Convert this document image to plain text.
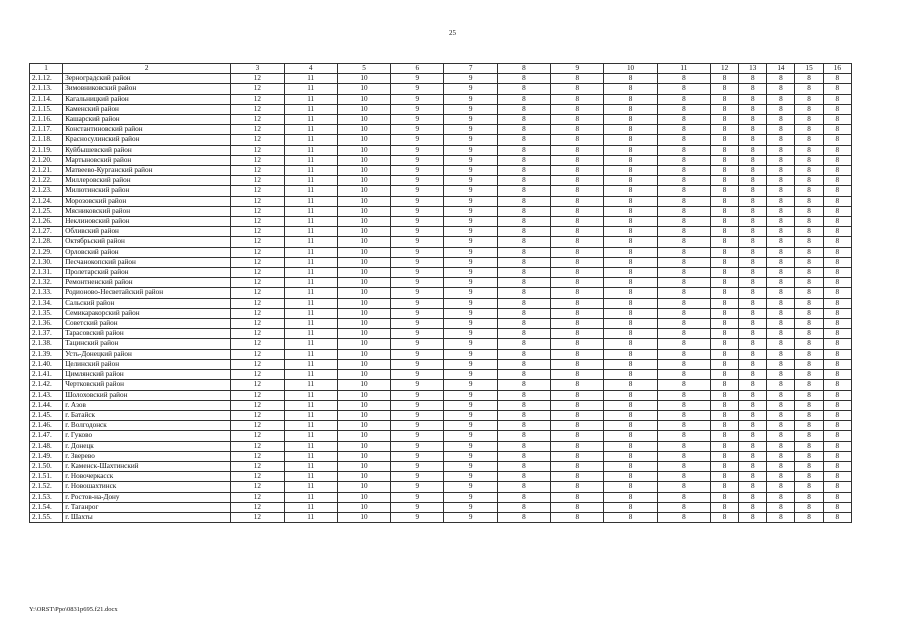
25
1	2	3	4	5	6	7	8	9	10	11	12	13	14	15	16
2.1.12.	Зерноградский район	12	11	10	9	9	8	8	8	8	8	8	8	8	8
2.1.13.	Зимовниковский район	12	11	10	9	9	8	8	8	8	8	8	8	8	8
2.1.14.	Кагальницкий район	12	11	10	9	9	8	8	8	8	8	8	8	8	8
2.1.15.	Каменский район	12	11	10	9	9	8	8	8	8	8	8	8	8	8
2.1.16.	Кашарский район	12	11	10	9	9	8	8	8	8	8	8	8	8	8
2.1.17.	Константиновский район	12	11	10	9	9	8	8	8	8	8	8	8	8	8
2.1.18.	Красносулинский район	12	11	10	9	9	8	8	8	8	8	8	8	8	8
2.1.19.	Куйбышевский район	12	11	10	9	9	8	8	8	8	8	8	8	8	8
2.1.20.	Мартыновский район	12	11	10	9	9	8	8	8	8	8	8	8	8	8
2.1.21.	Матвеево-Курганский район	12	11	10	9	9	8	8	8	8	8	8	8	8	8
2.1.22.	Миллеровский район	12	11	10	9	9	8	8	8	8	8	8	8	8	8
2.1.23.	Милютинский район	12	11	10	9	9	8	8	8	8	8	8	8	8	8
2.1.24.	Морозовский район	12	11	10	9	9	8	8	8	8	8	8	8	8	8
2.1.25.	Мясниковский район	12	11	10	9	9	8	8	8	8	8	8	8	8	8
2.1.26.	Неклиновский район	12	11	10	9	9	8	8	8	8	8	8	8	8	8
2.1.27.	Обливский район	12	11	10	9	9	8	8	8	8	8	8	8	8	8
2.1.28.	Октябрьский район	12	11	10	9	9	8	8	8	8	8	8	8	8	8
2.1.29.	Орловский район	12	11	10	9	9	8	8	8	8	8	8	8	8	8
2.1.30.	Песчанокопский район	12	11	10	9	9	8	8	8	8	8	8	8	8	8
2.1.31.	Пролетарский район	12	11	10	9	9	8	8	8	8	8	8	8	8	8
2.1.32.	Ремонтненский район	12	11	10	9	9	8	8	8	8	8	8	8	8	8
2.1.33.	Родионово-Несветайский район	12	11	10	9	9	8	8	8	8	8	8	8	8	8
2.1.34.	Сальский район	12	11	10	9	9	8	8	8	8	8	8	8	8	8
2.1.35.	Семикаракорский район	12	11	10	9	9	8	8	8	8	8	8	8	8	8
2.1.36.	Советский район	12	11	10	9	9	8	8	8	8	8	8	8	8	8
2.1.37.	Тарасовский район	12	11	10	9	9	8	8	8	8	8	8	8	8	8
2.1.38.	Тацинский район	12	11	10	9	9	8	8	8	8	8	8	8	8	8
2.1.39.	Усть-Донецкий район	12	11	10	9	9	8	8	8	8	8	8	8	8	8
2.1.40.	Целинский район	12	11	10	9	9	8	8	8	8	8	8	8	8	8
2.1.41.	Цимлянский район	12	11	10	9	9	8	8	8	8	8	8	8	8	8
2.1.42.	Чертковский район	12	11	10	9	9	8	8	8	8	8	8	8	8	8
2.1.43.	Шолоховский район	12	11	10	9	9	8	8	8	8	8	8	8	8	8
2.1.44.	г. Азов	12	11	10	9	9	8	8	8	8	8	8	8	8	8
2.1.45.	г. Батайск	12	11	10	9	9	8	8	8	8	8	8	8	8	8
2.1.46.	г. Волгодонск	12	11	10	9	9	8	8	8	8	8	8	8	8	8
2.1.47.	г. Гуково	12	11	10	9	9	8	8	8	8	8	8	8	8	8
2.1.48.	г. Донецк	12	11	10	9	9	8	8	8	8	8	8	8	8	8
2.1.49.	г. Зверево	12	11	10	9	9	8	8	8	8	8	8	8	8	8
2.1.50.	г. Каменск-Шахтинский	12	11	10	9	9	8	8	8	8	8	8	8	8	8
2.1.51.	г. Новочеркасск	12	11	10	9	9	8	8	8	8	8	8	8	8	8
2.1.52.	г. Новошахтинск	12	11	10	9	9	8	8	8	8	8	8	8	8	8
2.1.53.	г. Ростов-на-Дону	12	11	10	9	9	8	8	8	8	8	8	8	8	8
2.1.54.	г. Таганрог	12	11	10	9	9	8	8	8	8	8	8	8	8	8
2.1.55.	г. Шахты	12	11	10	9	9	8	8	8	8	8	8	8	8	8
Y:\ORST\Ppo\0831p695.f21.docx
